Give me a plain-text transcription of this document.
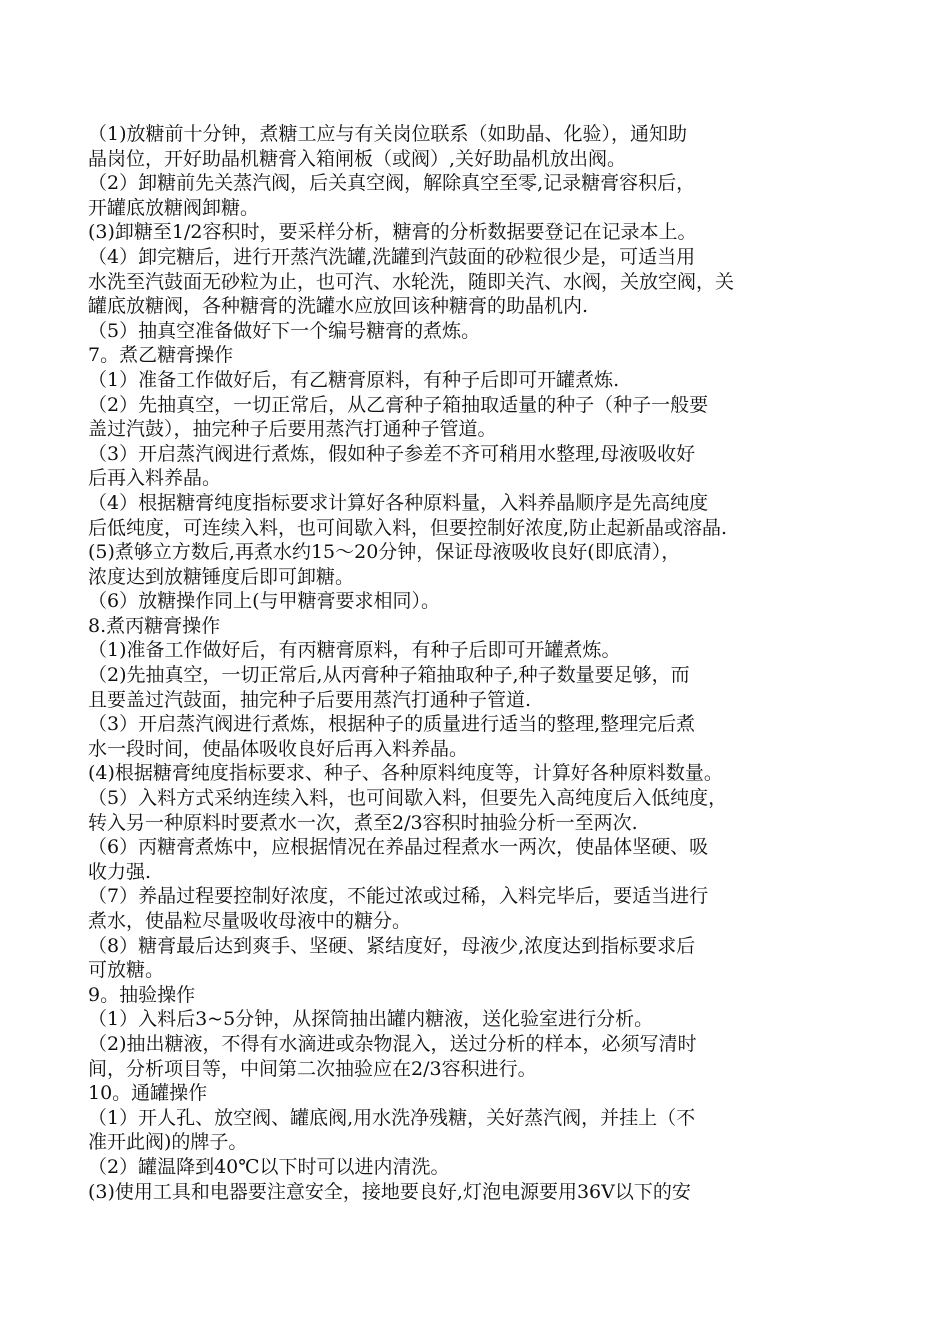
（1)放糖前十分钟，煮糖工应与有关岗位联系（如助晶、化验），通知助
晶岗位，开好助晶机糖膏入箱闸板（或阀）,关好助晶机放出阀。
（2）卸糖前先关蒸汽阀，后关真空阀，解除真空至零,记录糖膏容积后，
开罐底放糖阀卸糖。
(3)卸糖至1/2容积时，要采样分析，糖膏的分析数据要登记在记录本上。
（4）卸完糖后，进行开蒸汽洗罐,洗罐到汽鼓面的砂粒很少是，可适当用
水洗至汽鼓面无砂粒为止，也可汽、水轮洗，随即关汽、水阀，关放空阀，关
罐底放糖阀，各种糖膏的洗罐水应放回该种糖膏的助晶机内.
（5）抽真空准备做好下一个编号糖膏的煮炼。
7。煮乙糖膏操作
（1）准备工作做好后，有乙糖膏原料，有种子后即可开罐煮炼.
（2）先抽真空，一切正常后，从乙膏种子箱抽取适量的种子（种子一般要
盖过汽鼓），抽完种子后要用蒸汽打通种子管道。
（3）开启蒸汽阀进行煮炼，假如种子参差不齐可稍用水整理,母液吸收好
后再入料养晶。
（4）根据糖膏纯度指标要求计算好各种原料量，入料养晶顺序是先高纯度
后低纯度，可连续入料，也可间歇入料，但要控制好浓度,防止起新晶或溶晶.
(5)煮够立方数后,再煮水约15～20分钟，保证母液吸收良好(即底清），
浓度达到放糖锤度后即可卸糖。
（6）放糖操作同上(与甲糖膏要求相同）。
8.煮丙糖膏操作
（1)准备工作做好后，有丙糖膏原料，有种子后即可开罐煮炼。
（2)先抽真空，一切正常后,从丙膏种子箱抽取种子,种子数量要足够，而
且要盖过汽鼓面，抽完种子后要用蒸汽打通种子管道.
（3）开启蒸汽阀进行煮炼，根据种子的质量进行适当的整理,整理完后煮
水一段时间，使晶体吸收良好后再入料养晶。
(4)根据糖膏纯度指标要求、种子、各种原料纯度等，计算好各种原料数量。
（5）入料方式采纳连续入料，也可间歇入料，但要先入高纯度后入低纯度，
转入另一种原料时要煮水一次，煮至2/3容积时抽验分析一至两次.
（6）丙糖膏煮炼中，应根据情况在养晶过程煮水一两次，使晶体坚硬、吸
收力强.
（7）养晶过程要控制好浓度，不能过浓或过稀，入料完毕后，要适当进行
煮水，使晶粒尽量吸收母液中的糖分。
（8）糖膏最后达到爽手、坚硬、紧结度好，母液少,浓度达到指标要求后
可放糖。
9。抽验操作
（1）入料后3~5分钟，从探筒抽出罐内糖液，送化验室进行分析。
（2)抽出糖液，不得有水滴进或杂物混入，送过分析的样本，必须写清时
间，分析项目等，中间第二次抽验应在2/3容积进行。
10。通罐操作
（1）开人孔、放空阀、罐底阀,用水洗净残糖，关好蒸汽阀，并挂上（不
准开此阀)的牌子。
（2）罐温降到40℃以下时可以进内清洗。
(3)使用工具和电器要注意安全，接地要良好,灯泡电源要用36V以下的安
